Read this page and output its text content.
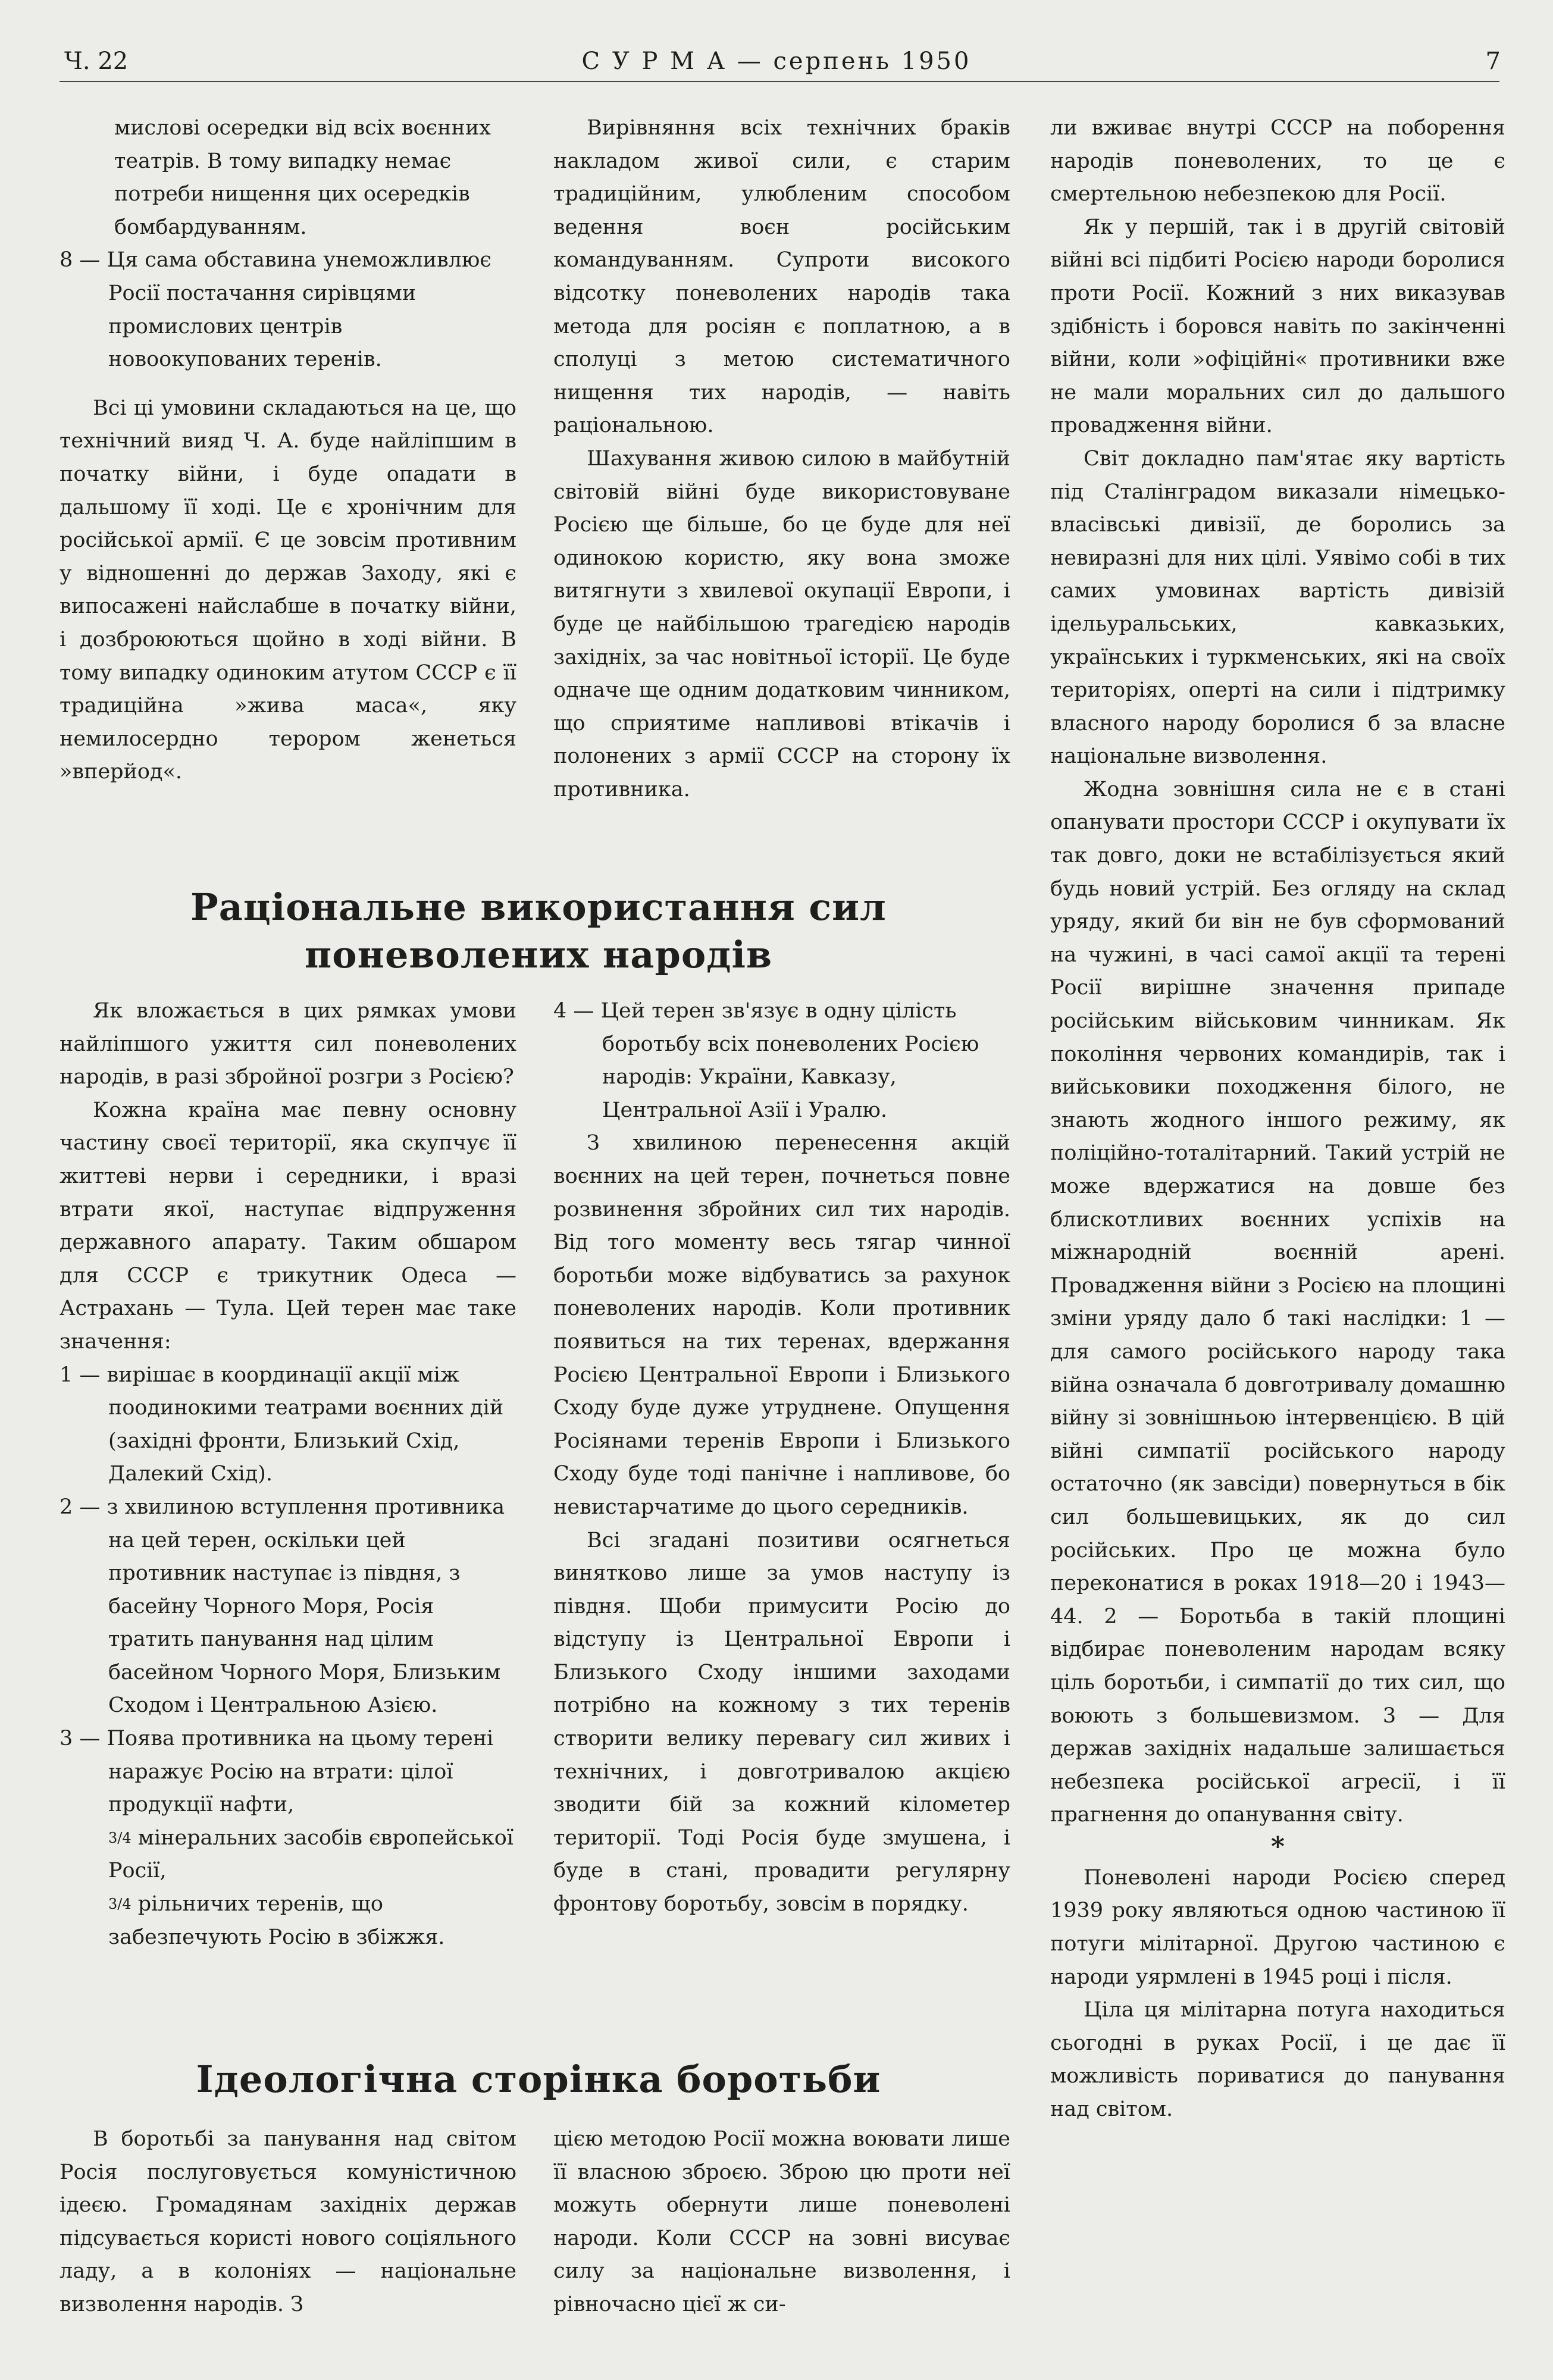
Ч. 22	С У Р М А — серпень 1950	7

мислові осередки від всіх воєнних театрів. В тому випадку немає потреби нищення цих осередків бомбардуванням.

8 — Ця сама обставина унеможливлює Росії постачання сирівцями промислових центрів новоокупованих теренів.

Всі ці умовини складаються на це, що технічний вияд Ч. А. буде найліпшим в початку війни, і буде опадати в дальшому її ході. Це є хронічним для російської армії. Є це зовсім противним у відношенні до держав Заходу, які є випосажені найслабше в початку війни, і дозброюються щойно в ході війни. В тому випадку одиноким атутом СССР є її традиційна »жива маса«, яку немилосердно терором женеться »вперйод«.

Вирівняння всіх технічних браків накладом живої сили, є старим традиційним, улюбленим способом ведення воєн російським командуванням. Супроти високого відсотку поневолених народів така метода для росіян є поплатною, а в сполуці з метою систематичного нищення тих народів, — навіть раціональною.

Шахування живою силою в майбутній світовій війні буде використовуване Росією ще більше, бо це буде для неї одинокою користю, яку вона зможе витягнути з хвилевої окупації Европи, і буде це найбільшою трагедією народів західніх, за час новітньої історії. Це буде одначе ще одним додатковим чинником, що сприятиме напливові втікачів і полонених з армії СССР на сторону їх противника.

Раціональне використання сил поневолених народів

Як вложається в цих рямках умови найліпшого ужиття сил поневолених народів, в разі збройної розгри з Росією?

Кожна країна має певну основну частину своєї території, яка скупчує її життеві нерви і середники, і вразі втрати якої, наступає відпруження державного апарату. Таким обшаром для СССР є трикутник Одеса — Астрахань — Тула. Цей терен має таке значення:

1 — вирішає в координації акції між поодинокими театрами воєнних дій (західні фронти, Близький Схід, Далекий Схід).

2 — з хвилиною вступлення противника на цей терен, оскільки цей противник наступає із півдня, з басейну Чорного Моря, Росія тратить панування над цілим басейном Чорного Моря, Близьким Сходом і Центральною Азією.

3 — Поява противника на цьому терені наражує Росію на втрати: цілої продукції нафти,

$^{3/4}$ мінеральних засобів європейської Росії,

$^{3/4}$ рільничих теренів, що забезпечують Росію в збіжжя.

4 — Цей терен зв'язує в одну цілість боротьбу всіх поневолених Росією народів: України, Кавказу, Центральної Азії і Уралю.

З хвилиною перенесення акцій воєнних на цей терен, почнеться повне розвинення збройних сил тих народів. Від того моменту весь тягар чинної боротьби може відбуватись за рахунок поневолених народів. Коли противник появиться на тих теренах, вдержання Росією Центральної Европи і Близького Сходу буде дуже утруднене. Опущення Росіянами теренів Европи і Близького Сходу буде тоді панічне і напливове, бо невистарчатиме до цього середників.

Всі згадані позитиви осягнеться винятково лише за умов наступу із півдня. Щоби примусити Росію до відступу із Центральної Европи і Близького Сходу іншими заходами потрібно на кожному з тих теренів створити велику перевагу сил живих і технічних, і довготривалою акцією зводити бій за кожний кілометер території. Тоді Росія буде змушена, і буде в стані, провадити регулярну фронтову боротьбу, зовсім в порядку.

Ідеологічна сторінка боротьби

В боротьбі за панування над світом Росія послуговується комуністичною ідеєю. Громадянам західніх держав підсувається користі нового соціяльного ладу, а в колоніях — національне визволення народів. З

цією методою Росії можна воювати лише її власною зброєю. Зброю цю проти неї можуть обернути лише поневолені народи. Коли СССР на зовні висуває силу за національне визволення, і рівночасно цієї ж си-

ли вживає внутрі СССР на поборення народів поневолених, то це є смертельною небезпекою для Росії.

Як у першій, так і в другій світовій війні всі підбиті Росією народи боролися проти Росії. Кожний з них виказував здібність і боровся навіть по закінченні війни, коли »офіційні« противники вже не мали моральних сил до дальшого провадження війни.

Світ докладно пам'ятає яку вартість під Сталінградом виказали німецько-власівські дивізії, де боролись за невиразні для них цілі. Уявімо собі в тих самих умовинах вартість дивізій ідельуральських, кавказьких, українських і туркменських, які на своїх територіях, оперті на сили і підтримку власного народу боролися б за власне національне визволення.

Жодна зовнішня сила не є в стані опанувати простори СССР і окупувати їх так довго, доки не встабілізується який будь новий устрій. Без огляду на склад уряду, який би він не був сформований на чужині, в часі самої акції та терені Росії вирішне значення припаде російським військовим чинникам. Як покоління червоних командирів, так і вийськовики походження білого, не знають жодного іншого режиму, як поліційно-тоталітарний. Такий устрій не може вдержатися на довше без блискотливих воєнних успіхів на міжнародній воєнній арені. Провадження війни з Росією на площині зміни уряду дало б такі наслідки: 1 — для самого російського народу така війна означала б довготривалу домашню війну зі зовнішньою інтервенцією. В цій війні симпатії російського народу остаточно (як завсіди) повернуться в бік сил большевицьких, як до сил російських. Про це можна було переконатися в роках 1918—20 і 1943—44. 2 — Боротьба в такій площині відбирає поневоленим народам всяку ціль боротьби, і симпатії до тих сил, що воюють з большевизмом. 3 — Для держав західніх надальше залишається небезпека російської агресії, і її прагнення до опанування світу.

*

Поневолені народи Росією сперед 1939 року являються одною частиною її потуги мілітарної. Другою частиною є народи уярмлені в 1945 році і після.

Ціла ця мілітарна потуга находиться сьогодні в руках Росії, і це дає її можливість пориватися до панування над світом.
